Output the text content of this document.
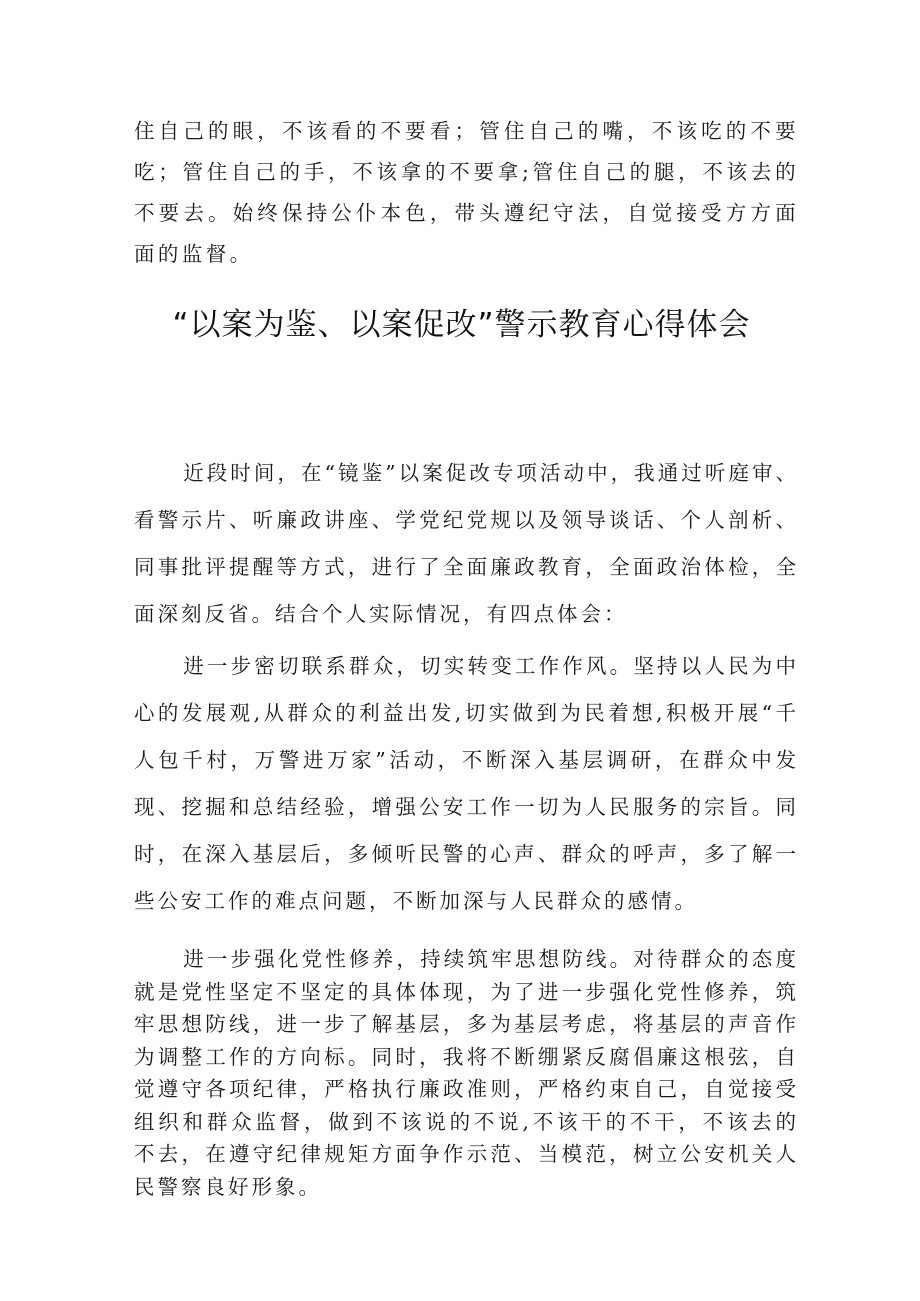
住自己的眼，不该看的不要看；管住自己的嘴，不该吃的不要吃；管住自己的手，不该拿的不要拿;管住自己的腿，不该去的不要去。始终保持公仆本色，带头遵纪守法，自觉接受方方面面的监督。

“以案为鉴、以案促改”警示教育心得体会

近段时间，在“镜鉴”以案促改专项活动中，我通过听庭审、看警示片、听廉政讲座、学党纪党规以及领导谈话、个人剖析、同事批评提醒等方式，进行了全面廉政教育，全面政治体检，全面深刻反省。结合个人实际情况，有四点体会：

进一步密切联系群众，切实转变工作作风。坚持以人民为中心的发展观,从群众的利益出发,切实做到为民着想,积极开展“千人包千村，万警进万家”活动，不断深入基层调研，在群众中发现、挖掘和总结经验，增强公安工作一切为人民服务的宗旨。同时，在深入基层后，多倾听民警的心声、群众的呼声，多了解一些公安工作的难点问题，不断加深与人民群众的感情。

进一步强化党性修养，持续筑牢思想防线。对待群众的态度就是党性坚定不坚定的具体体现，为了进一步强化党性修养，筑牢思想防线，进一步了解基层，多为基层考虑，将基层的声音作为调整工作的方向标。同时，我将不断绷紧反腐倡廉这根弦，自觉遵守各项纪律，严格执行廉政准则，严格约束自己，自觉接受组织和群众监督，做到不该说的不说,不该干的不干，不该去的不去，在遵守纪律规矩方面争作示范、当模范，树立公安机关人民警察良好形象。
